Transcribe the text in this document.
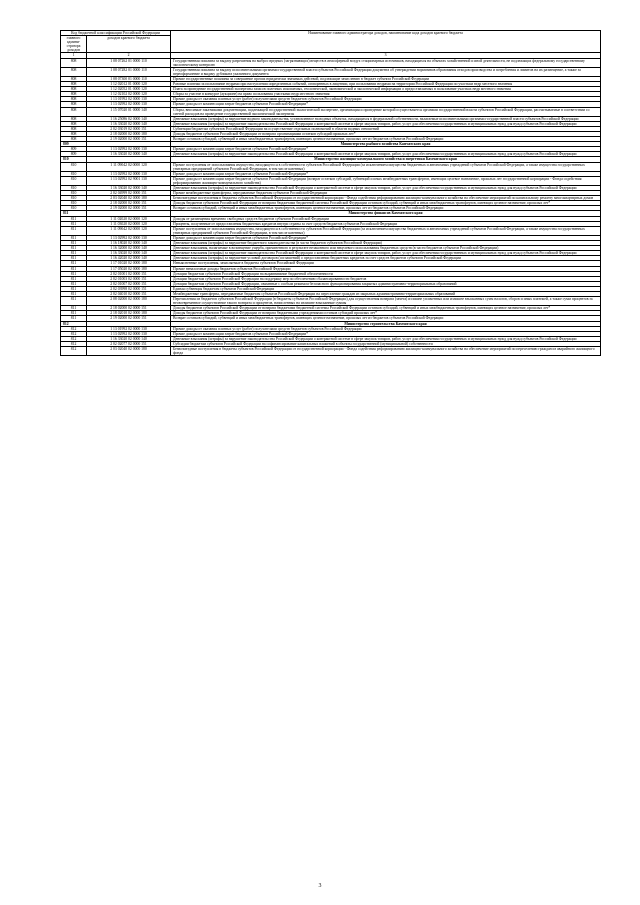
Код бюджетной классификации Российской Федерации		Наименование главного администратора доходов, наименование кода доходов краевого бюджета
главного админи-стратора доходов	доходов краевого бюджета	
1	2	3
808	1 08 07262 01 0000 110	Государственная пошлина за выдачу разрешения на выброс вредных (загрязняющих) веществ в атмосферный воздух стационарных источников, находящихся на объектах хозяйственной и иной деятельности, не подлежащих федеральному государственному экологическому контролю
808	1 08 07282 01 0000 110	Государственная пошлина за выдачу исполнительными органами государственной власти субъектов Российской Федерации документа об утверждении нормативов образования отходов производства и потребления и лимитов на их размещение, а также за переоформление и выдачу дубликата указанного документа
808	1 08 07300 01 0000 110	Прочие государственные пошлины за совершение прочих юридически значимых действий, подлежащие зачислению в бюджет субъекта Российской Федерации
808	1 12 02012 01 0000 120	Разовые платежи за пользование недрами при наступлении определенных событий, оговоренных в лицензии, при пользовании недрами на территории Российской Федерации по участкам недр местного значения
808	1 12 02052 01 0000 120	Плата за проведение государственной экспертизы запасов полезных ископаемых, геологической, экономической и экологической информации о предоставляемых в пользование участках недр местного значения
808	1 12 02102 02 0000 120	Сборы за участие в конкурсе (аукционе) на право пользования участками недр местного значения
808	1 13 01992 02 0000 130	Прочие доходы от оказания платных услуг (работ) получателями средств бюджетов субъектов Российской Федерации
808	1 13 02992 02 0000 130	Прочие доходы от компенсации затрат бюджетов субъектов Российской Федерации*
808	1 15 07020 01 0000 140	Сборы, вносимые заказчиками документации, подлежащей государственной экологической экспертизе, организация и проведение которой осуществляется органами государственной власти субъектов Российской Федерации, рассчитываемые в соответствии со сметой расходов на проведение государственной экологической экспертизы
808	1 16 25086 02 0000 140	Денежные взыскания (штрафы) за нарушение водного законодательства, установленное на водных объектах, находящихся в федеральной собственности, налагаемые исполнительными органами государственной власти субъектов Российской Федерации
808	1 16 33020 02 0000 140	Денежные взыскания (штрафы) за нарушение законодательства Российской Федерации о контрактной системе в сфере закупок товаров, работ, услуг для обеспечения государственных и муниципальных нужд для нужд субъектов Российской Федерации
808	2 02 03019 02 0000 151	Субвенции бюджетам субъектов Российской Федерации на осуществление отдельных полномочий в области водных отношений
808	2 18 02000 02 0000 180	Доходы бюджетов субъектов Российской Федерации от возврата организациями остатков субсидий прошлых лет*
808	2 19 02000 02 0000 151	Возврат остатков субсидий, субвенций и иных межбюджетных трансфертов, имеющих целевое назначение, прошлых лет из бюджетов субъектов Российской Федерации
809		Министерство рыбного хозяйства Камчатского края
809	1 13 02992 02 0000 130	Прочие доходы от компенсации затрат бюджетов субъектов Российской Федерации*
809	1 16 33020 02 0000 140	Денежные взыскания (штрафы) за нарушение законодательства Российской Федерации о контрактной системе в сфере закупок товаров, работ, услуг для обеспечения государственных и муниципальных нужд для нужд субъектов Российской Федерации
810		Министерство жилищно-коммунального хозяйства и энергетики Камчатского края
810	1 11 09042 02 0000 120	Прочие поступления от использования имущества, находящегося в собственности субъектов Российской Федерации (за исключением имущества бюджетных и автономных учреждений субъектов Российской Федерации, а также имущества государственных унитарных предприятий субъектов Российской Федерации, в том числе казенных)
810	1 13 02992 02 0000 130	Прочие доходы от компенсации затрат бюджетов субъектов Российской Федерации*
810	1 13 02992 02 9001 130	Прочие доходы от компенсации затрат бюджетов субъектов Российской Федерации (возврат остатков субсидий, субвенций и иных межбюджетных трансфертов, имеющих целевое назначение, прошлых лет государственной корпорации - Фонда содействия реформированию жилищно-коммунального хозяйства)
810	1 16 33020 02 0000 140	Денежные взыскания (штрафы) за нарушение законодательства Российской Федерации о контрактной системе в сфере закупок товаров, работ, услуг для обеспечения государственных и муниципальных нужд для нужд субъектов Российской Федерации
810	2 02 04999 02 0000 151	Прочие межбюджетные трансферты, передаваемые бюджетам субъектов Российской Федерации
810	2 03 02040 02 0000 180	Безвозмездные поступления в бюджеты субъектов Российской Федерации от государственной корпорации - Фонда содействия реформированию жилищно-коммунального хозяйства на обеспечение мероприятий по капитальному ремонту многоквартирных домов
810	2 18 02000 02 0000 151	Доходы бюджетов субъектов Российской Федерации от возврата бюджетами бюджетной системы Российской Федерации остатков субсидий, субвенций и иных межбюджетных трансфертов, имеющих целевое назначение, прошлых лет*
810	2 19 02000 02 0000 151	Возврат остатков субсидий, субвенций и иных межбюджетных трансфертов, имеющих целевое назначение, прошлых лет из бюджетов субъектов Российской Федерации
811		Министерство финансов Камчатского края
811	1 11 02020 02 0000 120	Доходы от размещения временно свободных средств бюджетов субъектов Российской Федерации
811	1 11 03020 02 0000 120	Проценты, полученные от предоставления бюджетных кредитов внутри страны за счет средств бюджетов субъектов Российской Федерации
811	1 11 09042 02 0000 120	Прочие поступления от использования имущества, находящегося в собственности субъектов Российской Федерации (за исключением имущества бюджетных и автономных учреждений субъектов Российской Федерации, а также имущества государственных унитарных предприятий субъектов Российской Федерации, в том числе казенных)
811	1 13 02992 02 0000 130	Прочие доходы от компенсации затрат бюджетов субъектов Российской Федерации*
811	1 16 18020 02 0000 140	Денежные взыскания (штрафы) за нарушение бюджетного законодательства (в части бюджетов субъектов Российской Федерации)
811	1 16 32000 02 0000 140	Денежные взыскания, налагаемые в возмещение ущерба, причиненного в результате незаконного или нецелевого использования бюджетных средств (в части бюджетов субъектов Российской Федерации)
811	1 16 33020 02 0000 140	Денежные взыскания (штрафы) за нарушение законодательства Российской Федерации о контрактной системе в сфере закупок товаров, работ, услуг для обеспечения государственных и муниципальных нужд для нужд субъектов Российской Федерации
811	1 16 42020 02 0000 140	Денежные взыскания (штрафы) за нарушение условий договоров (соглашений) о предоставлении бюджетных кредитов за счет средств бюджетов субъектов Российской Федерации
811	1 17 01020 02 0000 180	Невыясненные поступления, зачисляемые в бюджеты субъектов Российской Федерации
811	1 17 05020 02 0000 180	Прочие неналоговые доходы бюджетов субъектов Российской Федерации
811	2 02 01001 02 0000 151	Дотации бюджетам субъектов Российской Федерации на выравнивание бюджетной обеспеченности
811	2 02 01003 02 0000 151	Дотации бюджетам субъектов Российской Федерации на поддержку мер по обеспечению сбалансированности бюджетов
811	2 02 01007 02 0000 151	Дотации бюджетам субъектов Российской Федерации, связанные с особым режимом безопасного функционирования закрытых административно-территориальных образований
811	2 02 03998 02 0000 151	Единая субвенция бюджетам субъектов Российской Федерации
811	2 02 04010 02 0000 151	Межбюджетные трансферты, передаваемые бюджетам субъектов Российской Федерации на переселение граждан из закрытых административно-территориальных образований
811	2 08 02000 02 0000 180	Перечисления из бюджетов субъектов Российской Федерации (в бюджеты субъектов Российской Федерации) для осуществления возврата (зачета) излишне уплаченных или излишне взысканных сумм налогов, сборов и иных платежей, а также сумм процентов за несвоевременное осуществление такого возврата и процентов, начисленных на излишне взысканные суммы
811	2 18 02000 02 0000 151	Доходы бюджетов субъектов Российской Федерации от возврата бюджетами бюджетной системы Российской Федерации остатков субсидий, субвенций и иных межбюджетных трансфертов, имеющих целевое назначение, прошлых лет*
811	2 18 02010 02 0000 180	Доходы бюджетов субъектов Российской Федерации от возврата бюджетными учреждениями остатков субсидий прошлых лет*
811	2 19 02000 02 0000 151	Возврат остатков субсидий, субвенций и иных межбюджетных трансфертов, имеющих целевое назначение, прошлых лет из бюджетов субъектов Российской Федерации
812		Министерство строительства Камчатского края
812	1 13 01992 02 0000 130	Прочие доходы от оказания платных услуг (работ) получателями средств бюджетов субъектов Российской Федерации
812	1 13 02992 02 0000 130	Прочие доходы от компенсации затрат бюджетов субъектов Российской Федерации*
812	1 16 33020 02 0000 140	Денежные взыскания (штрафы) за нарушение законодательства Российской Федерации о контрактной системе в сфере закупок товаров, работ, услуг для обеспечения государственных и муниципальных нужд для нужд субъектов Российской Федерации
812	2 02 02077 02 0000 151	Субсидии бюджетам субъектов Российской Федерации на софинансирование капитальных вложений в объекты государственной (муниципальной) собственности
812	2 03 02040 02 0000 180	Безвозмездные поступления в бюджеты субъектов Российской Федерации от государственной корпорации - Фонда содействия реформированию жилищно-коммунального хозяйства на обеспечение мероприятий по переселению граждан из аварийного жилищного фонда
3
